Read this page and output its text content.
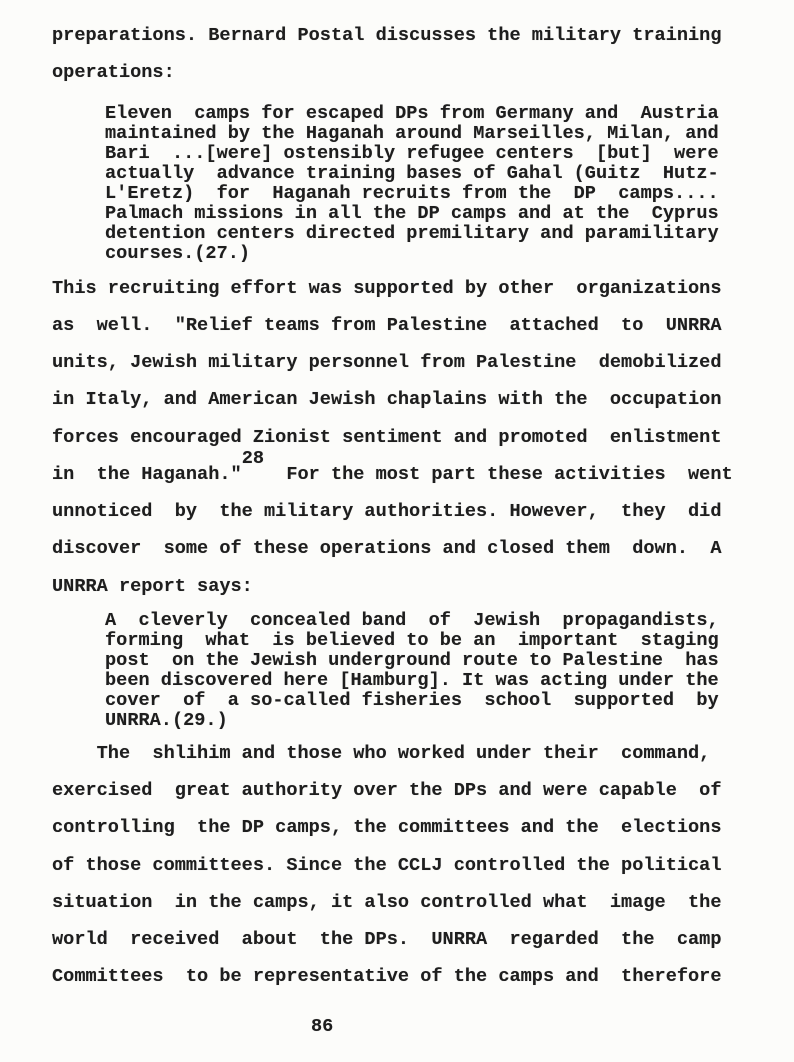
preparations. Bernard Postal discusses the military training
operations:
Eleven  camps for escaped DPs from Germany and  Austria
maintained by the Haganah around Marseilles, Milan, and
Bari  ...[were] ostensibly refugee centers  [but]  were
actually  advance training bases of Gahal (Guitz  Hutz-
L'Eretz)  for  Haganah recruits from the  DP  camps....
Palmach missions in all the DP camps and at the  Cyprus
detention centers directed premilitary and paramilitary
courses.(27.)
This recruiting effort was supported by other  organizations
as  well.  "Relief teams from Palestine  attached  to  UNRRA
units, Jewish military personnel from Palestine  demobilized
in Italy, and American Jewish chaplains with the  occupation
forces encouraged Zionist sentiment and promoted  enlistment
in  the Haganah."28  For the most part these activities  went
unnoticed  by  the military authorities. However,  they  did
discover  some of these operations and closed them  down.  A
UNRRA report says:
A  cleverly  concealed band  of  Jewish  propagandists,
forming  what  is believed to be an  important  staging
post  on the Jewish underground route to Palestine  has
been discovered here [Hamburg]. It was acting under the
cover  of  a so-called fisheries  school  supported  by
UNRRA.(29.)
The  shlihim and those who worked under their  command,
exercised  great authority over the DPs and were capable  of
controlling  the DP camps, the committees and the  elections
of those committees. Since the CCLJ controlled the political
situation  in the camps, it also controlled what  image  the
world  received  about  the DPs.  UNRRA  regarded  the  camp
Committees  to be representative of the camps and  therefore
86
